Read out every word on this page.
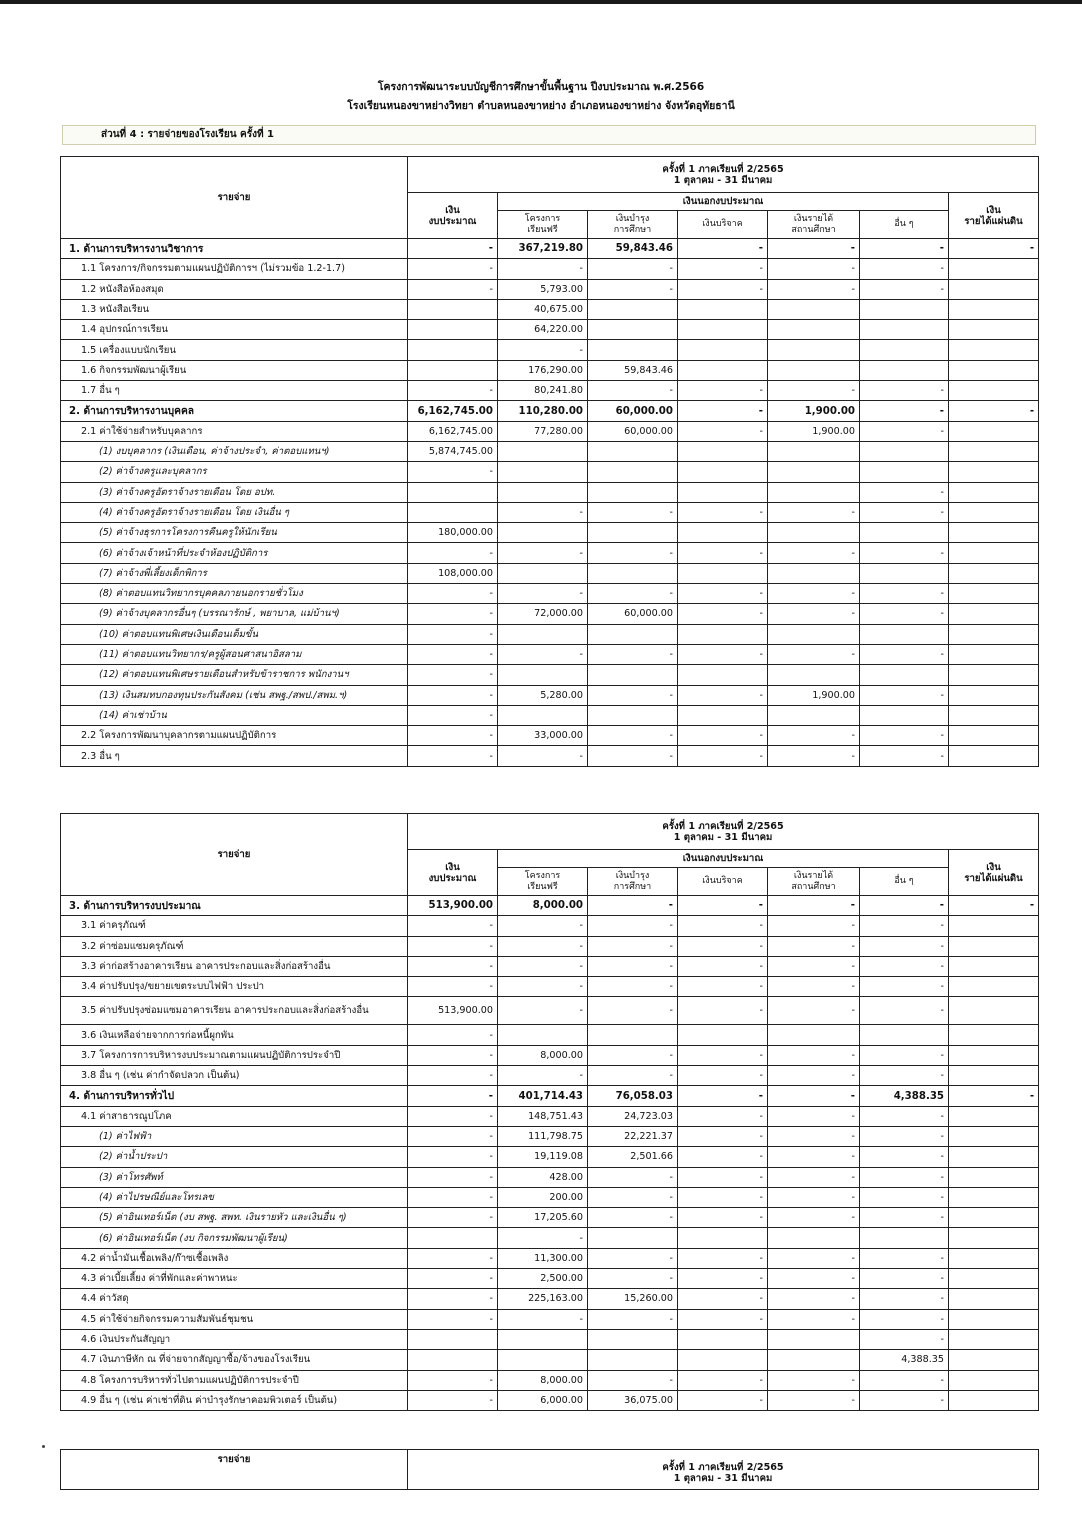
โครงการพัฒนาระบบบัญชีการศึกษาขั้นพื้นฐาน ปีงบประมาณ พ.ศ.2566
โรงเรียนหนองขาหย่างวิทยา ตำบลหนองขาหย่าง อำเภอหนองขาหย่าง จังหวัดอุทัยธานี
ส่วนที่ 4 : รายจ่ายของโรงเรียน ครั้งที่ 1
รายจ่าย	ครั้งที่ 1 ภาคเรียนที่ 2/2565
1 ตุลาคม - 31 มีนาคม						

	เงิน
งบประมาณ	เงินนอกงบประมาณ					เงิน
รายได้แผ่นดิน
		โครงการ
เรียนฟรี	เงินบำรุง
การศึกษา	เงินบริจาค	เงินรายได้
สถานศึกษา	อื่น ๆ	
1. ด้านการบริหารงานวิชาการ	-	367,219.80	59,843.46	-	-	-	-
1.1 โครงการ/กิจกรรมตามแผนปฏิบัติการฯ (ไม่รวมข้อ 1.2-1.7)	-	-	-	-	-	-	
1.2 หนังสือห้องสมุด	-	5,793.00	-	-	-	-	
1.3 หนังสือเรียน		40,675.00					
1.4 อุปกรณ์การเรียน		64,220.00					
1.5 เครื่องแบบนักเรียน		-					
1.6 กิจกรรมพัฒนาผู้เรียน		176,290.00	59,843.46				
1.7 อื่น ๆ	-	80,241.80	-	-	-	-	
2. ด้านการบริหารงานบุคคล	6,162,745.00	110,280.00	60,000.00	-	1,900.00	-	-
2.1 ค่าใช้จ่ายสำหรับบุคลากร	6,162,745.00	77,280.00	60,000.00	-	1,900.00	-	
(1) งบบุคลากร (เงินเดือน, ค่าจ้างประจำ, ค่าตอบแทนฯ)	5,874,745.00						
(2) ค่าจ้างครูและบุคลากร	-						
(3) ค่าจ้างครูอัตราจ้างรายเดือน โดย อปท.						-	
(4) ค่าจ้างครูอัตราจ้างรายเดือน โดย เงินอื่น ๆ		-	-	-	-	-	
(5) ค่าจ้างธุรการโครงการคืนครูให้นักเรียน	180,000.00						
(6) ค่าจ้างเจ้าหน้าที่ประจำห้องปฏิบัติการ	-	-	-	-	-	-	
(7) ค่าจ้างพี่เลี้ยงเด็กพิการ	108,000.00						
(8) ค่าตอบแทนวิทยากรบุคคลภายนอกรายชั่วโมง	-	-	-	-	-	-	
(9) ค่าจ้างบุคลากรอื่นๆ (บรรณารักษ์ , พยาบาล, แม่บ้านฯ)	-	72,000.00	60,000.00	-	-	-	
(10) ค่าตอบแทนพิเศษเงินเดือนเต็มขั้น	-						
(11) ค่าตอบแทนวิทยากร/ครูผู้สอนศาสนาอิสลาม	-	-	-	-	-	-	
(12) ค่าตอบแทนพิเศษรายเดือนสำหรับข้าราชการ พนักงานฯ	-						
(13) เงินสมทบกองทุนประกันสังคม (เช่น สพฐ./สพป./สพม.ฯ)	-	5,280.00	-	-	1,900.00	-	
(14) ค่าเช่าบ้าน	-						
2.2 โครงการพัฒนาบุคลากรตามแผนปฏิบัติการ	-	33,000.00	-	-	-	-	
2.3 อื่น ๆ	-	-	-	-	-	-	
รายจ่าย	ครั้งที่ 1 ภาคเรียนที่ 2/2565
1 ตุลาคม - 31 มีนาคม						

	เงิน
งบประมาณ	เงินนอกงบประมาณ					เงิน
รายได้แผ่นดิน
		โครงการ
เรียนฟรี	เงินบำรุง
การศึกษา	เงินบริจาค	เงินรายได้
สถานศึกษา	อื่น ๆ	
3. ด้านการบริหารงบประมาณ	513,900.00	8,000.00	-	-	-	-	-
3.1 ค่าครุภัณฑ์	-	-	-	-	-	-	
3.2 ค่าซ่อมแซมครุภัณฑ์	-	-	-	-	-	-	
3.3 ค่าก่อสร้างอาคารเรียน อาคารประกอบและสิ่งก่อสร้างอื่น	-	-	-	-	-	-	
3.4 ค่าปรับปรุง/ขยายเขตระบบไฟฟ้า ประปา	-	-	-	-	-	-	
3.5 ค่าปรับปรุงซ่อมแซมอาคารเรียน อาคารประกอบและสิ่งก่อสร้างอื่น	513,900.00	-	-	-	-	-	
3.6 เงินเหลือจ่ายจากการก่อหนี้ผูกพัน	-						
3.7 โครงการการบริหารงบประมาณตามแผนปฏิบัติการประจำปี	-	8,000.00	-	-	-	-	
3.8 อื่น ๆ (เช่น ค่ากำจัดปลวก เป็นต้น)	-	-	-	-	-	-	
4. ด้านการบริหารทั่วไป	-	401,714.43	76,058.03	-	-	4,388.35	-
4.1 ค่าสาธารณูปโภค	-	148,751.43	24,723.03	-	-	-	
(1) ค่าไฟฟ้า	-	111,798.75	22,221.37	-	-	-	
(2) ค่าน้ำประปา	-	19,119.08	2,501.66	-	-	-	
(3) ค่าโทรศัพท์	-	428.00	-	-	-	-	
(4) ค่าไปรษณีย์และโทรเลข	-	200.00	-	-	-	-	
(5) ค่าอินเทอร์เน็ต (งบ สพฐ. สพท. เงินรายหัว และเงินอื่น ๆ)	-	17,205.60	-	-	-	-	
(6) ค่าอินเทอร์เน็ต (งบ กิจกรรมพัฒนาผู้เรียน)		-					
4.2 ค่าน้ำมันเชื้อเพลิง/ก๊าซเชื้อเพลิง	-	11,300.00	-	-	-	-	
4.3 ค่าเบี้ยเลี้ยง ค่าที่พักและค่าพาหนะ	-	2,500.00	-	-	-	-	
4.4 ค่าวัสดุ	-	225,163.00	15,260.00	-	-	-	
4.5 ค่าใช้จ่ายกิจกรรมความสัมพันธ์ชุมชน	-	-	-	-	-	-	
4.6 เงินประกันสัญญา						-	
4.7 เงินภาษีหัก ณ ที่จ่ายจากสัญญาซื้อ/จ้างของโรงเรียน						4,388.35	
4.8 โครงการบริหารทั่วไปตามแผนปฏิบัติการประจำปี	-	8,000.00	-	-	-	-	
4.9 อื่น ๆ (เช่น ค่าเช่าที่ดิน ค่าบำรุงรักษาคอมพิวเตอร์ เป็นต้น)	-	6,000.00	36,075.00	-	-	-	
รายจ่าย	
ครั้งที่ 1 ภาคเรียนที่ 2/2565
1 ตุลาคม - 31 มีนาคม
